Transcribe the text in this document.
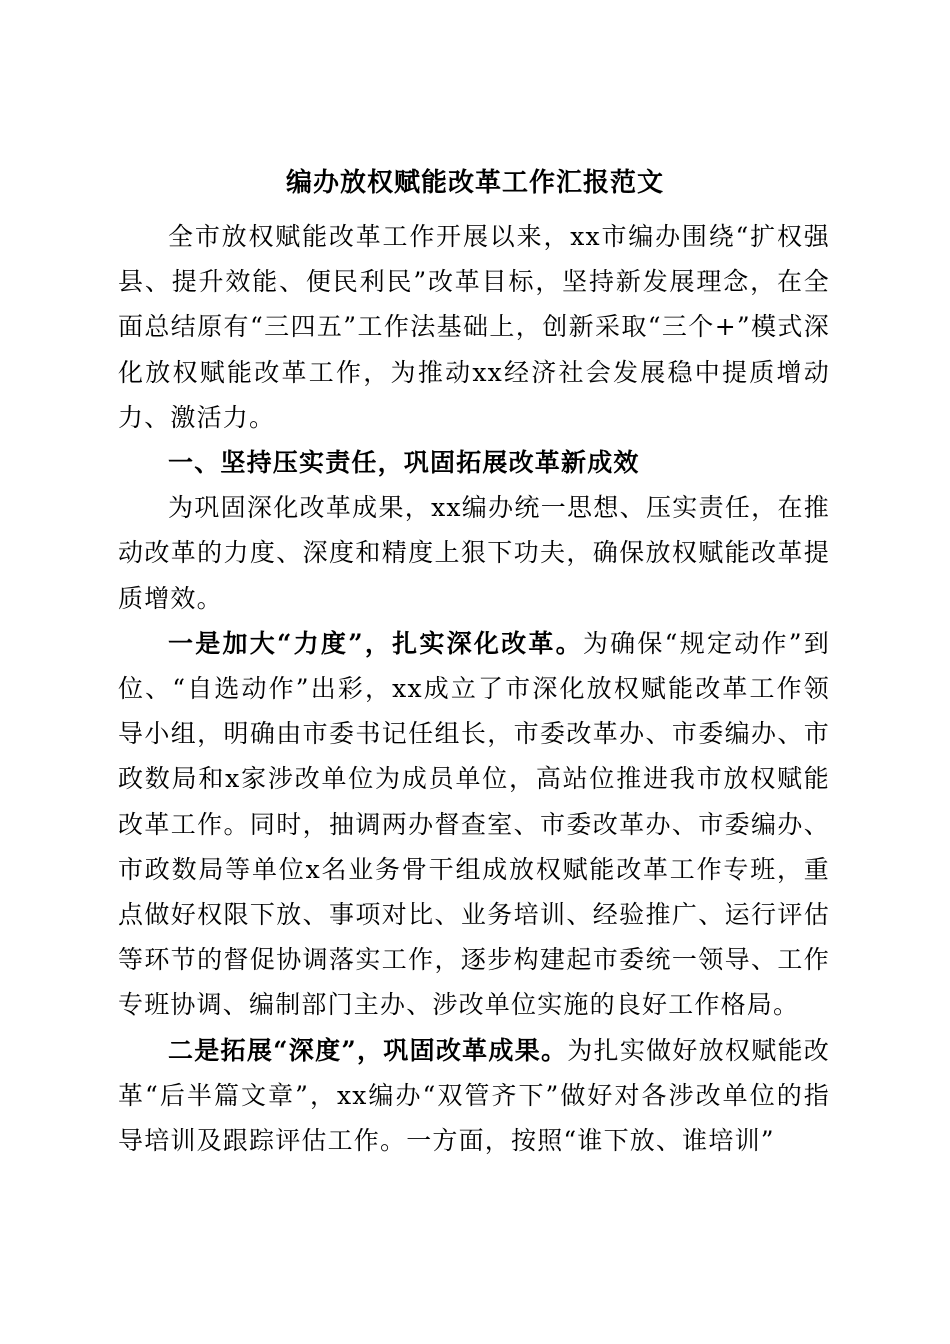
编办放权赋能改革工作汇报范文

全市放权赋能改革工作开展以来，xx市编办围绕“扩权强县、提升效能、便民利民”改革目标，坚持新发展理念，在全面总结原有“三四五”工作法基础上，创新采取“三个+”模式深化放权赋能改革工作，为推动xx经济社会发展稳中提质增动力、激活力。

一、坚持压实责任，巩固拓展改革新成效

为巩固深化改革成果，xx编办统一思想、压实责任，在推动改革的力度、深度和精度上狠下功夫，确保放权赋能改革提质增效。

一是加大“力度”，扎实深化改革。为确保“规定动作”到位、“自选动作”出彩，xx成立了市深化放权赋能改革工作领导小组，明确由市委书记任组长，市委改革办、市委编办、市政数局和x家涉改单位为成员单位，高站位推进我市放权赋能改革工作。同时，抽调两办督查室、市委改革办、市委编办、市政数局等单位x名业务骨干组成放权赋能改革工作专班，重点做好权限下放、事项对比、业务培训、经验推广、运行评估等环节的督促协调落实工作，逐步构建起市委统一领导、工作专班协调、编制部门主办、涉改单位实施的良好工作格局。

二是拓展“深度”，巩固改革成果。为扎实做好放权赋能改革“后半篇文章”，xx编办“双管齐下”做好对各涉改单位的指导培训及跟踪评估工作。一方面，按照“谁下放、谁培训”
